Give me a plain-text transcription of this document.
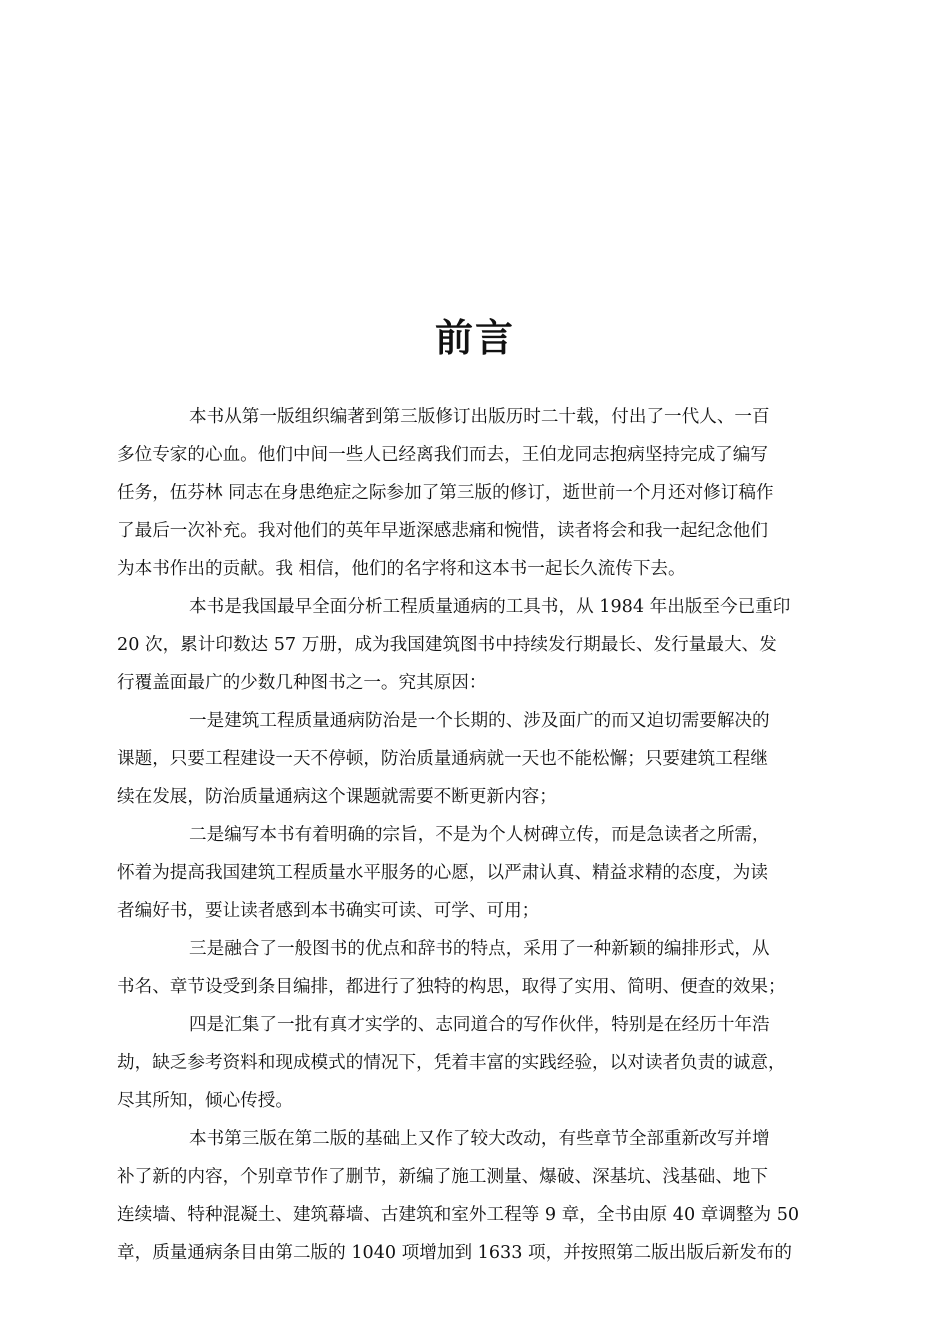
前言
本书从第一版组织编著到第三版修订出版历时二十载，付出了一代人、一百
多位专家的心血。他们中间一些人已经离我们而去，王伯龙同志抱病坚持完成了编写
任务，伍芬林 同志在身患绝症之际参加了第三版的修订，逝世前一个月还对修订稿作
了最后一次补充。我对他们的英年早逝深感悲痛和惋惜，读者将会和我一起纪念他们
为本书作出的贡献。我 相信，他们的名字将和这本书一起长久流传下去。
本书是我国最早全面分析工程质量通病的工具书，从 1984 年出版至今已重印
20 次，累计印数达 57 万册，成为我国建筑图书中持续发行期最长、发行量最大、发
行覆盖面最广的少数几种图书之一。究其原因：
一是建筑工程质量通病防治是一个长期的、涉及面广的而又迫切需要解决的
课题，只要工程建设一天不停顿，防治质量通病就一天也不能松懈；只要建筑工程继
续在发展，防治质量通病这个课题就需要不断更新内容；
二是编写本书有着明确的宗旨，不是为个人树碑立传，而是急读者之所需，
怀着为提高我国建筑工程质量水平服务的心愿，以严肃认真、精益求精的态度，为读
者编好书，要让读者感到本书确实可读、可学、可用；
三是融合了一般图书的优点和辞书的特点，采用了一种新颖的编排形式，从
书名、章节设受到条目编排，都进行了独特的构思，取得了实用、简明、便查的效果；
四是汇集了一批有真才实学的、志同道合的写作伙伴，特别是在经历十年浩
劫，缺乏参考资料和现成模式的情况下，凭着丰富的实践经验，以对读者负责的诚意，
尽其所知，倾心传授。
本书第三版在第二版的基础上又作了较大改动，有些章节全部重新改写并增
补了新的内容，个别章节作了删节，新编了施工测量、爆破、深基坑、浅基础、地下
连续墙、特种混凝土、建筑幕墙、古建筑和室外工程等 9 章，全书由原 40 章调整为 50
章，质量通病条目由第二版的 1040 项增加到 1633 项，并按照第二版出版后新发布的
